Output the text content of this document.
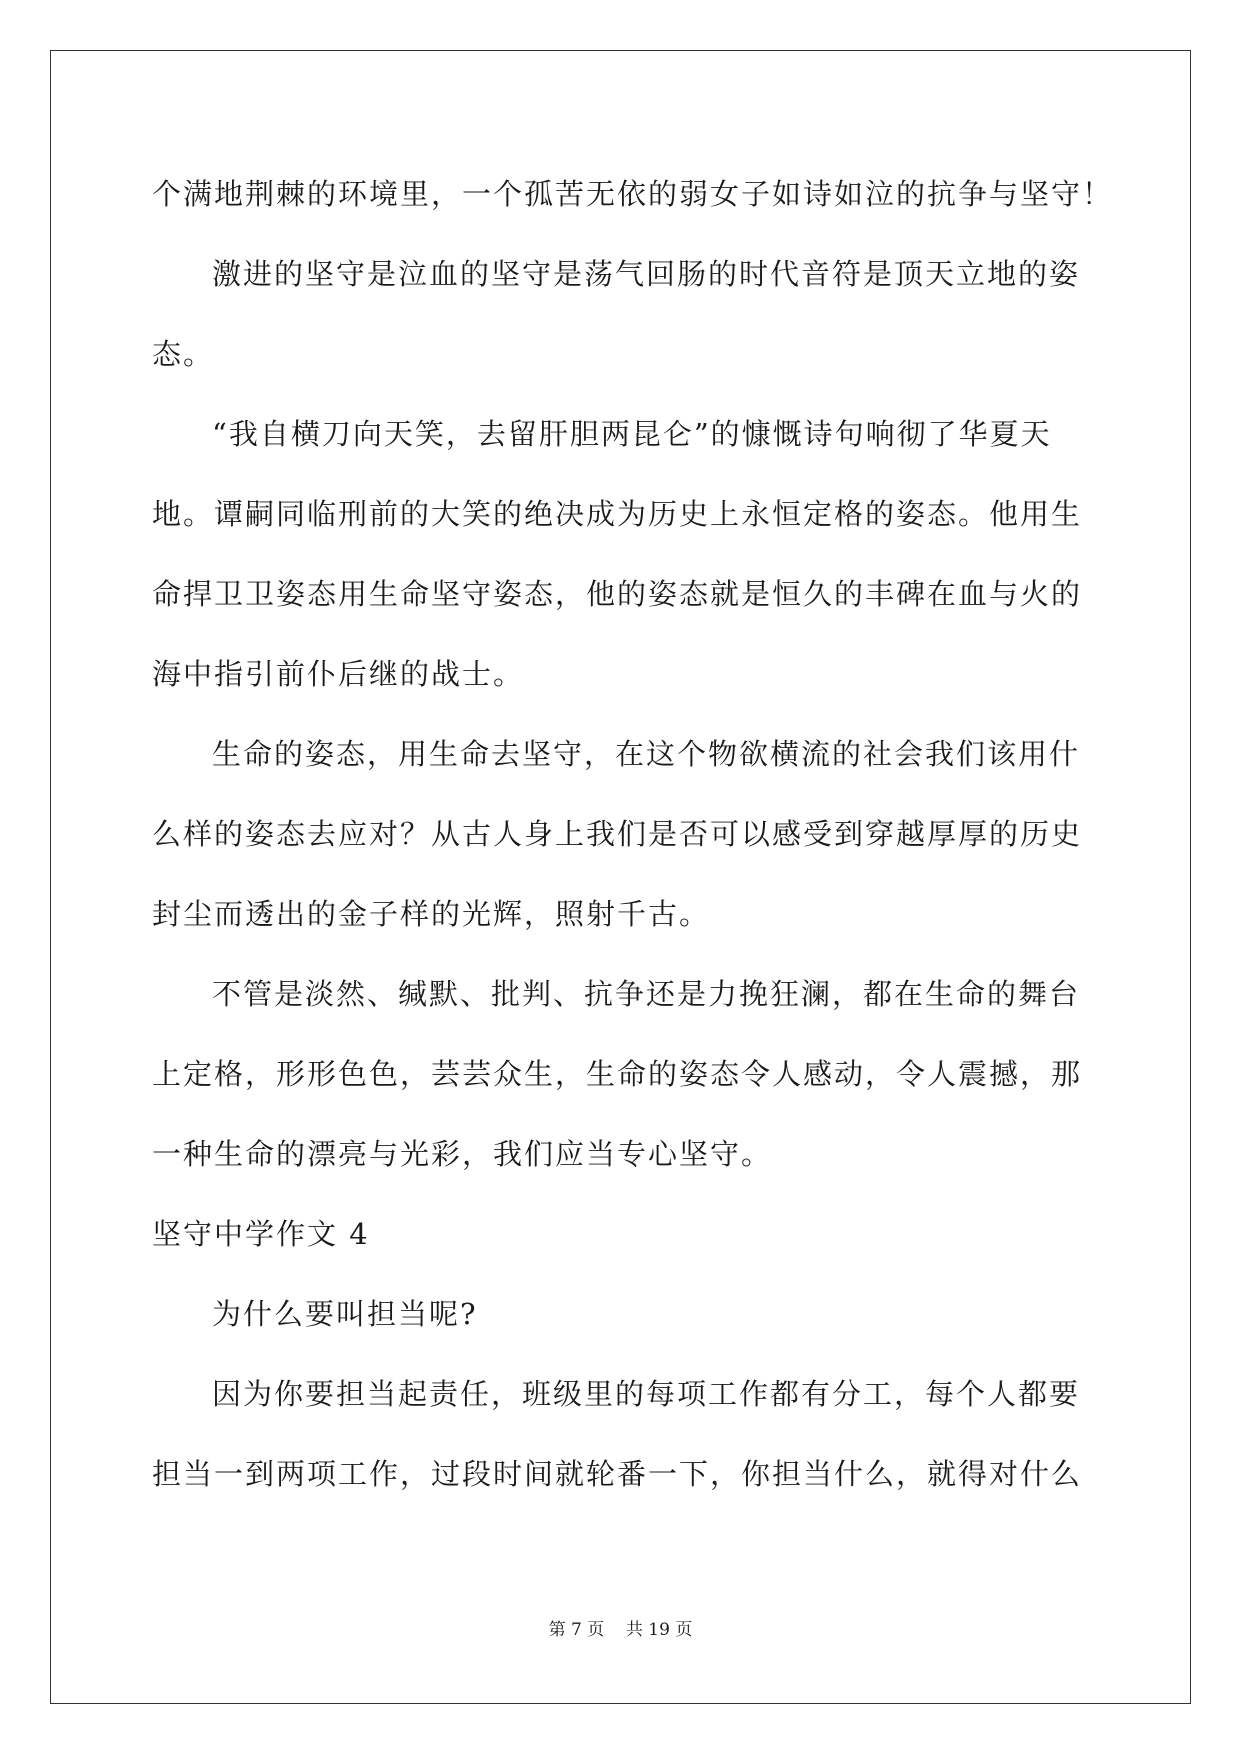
个满地荆棘的环境里，一个孤苦无依的弱女子如诗如泣的抗争与坚守！
激进的坚守是泣血的坚守是荡气回肠的时代音符是顶天立地的姿
态。
“我自横刀向天笑，去留肝胆两昆仑”的慷慨诗句响彻了华夏天
地。谭嗣同临刑前的大笑的绝决成为历史上永恒定格的姿态。他用生
命捍卫卫姿态用生命坚守姿态，他的姿态就是恒久的丰碑在血与火的
海中指引前仆后继的战士。
生命的姿态，用生命去坚守，在这个物欲横流的社会我们该用什
么样的姿态去应对？从古人身上我们是否可以感受到穿越厚厚的历史
封尘而透出的金子样的光辉，照射千古。
不管是淡然、缄默、批判、抗争还是力挽狂澜，都在生命的舞台
上定格，形形色色，芸芸众生，生命的姿态令人感动，令人震撼，那
一种生命的漂亮与光彩，我们应当专心坚守。
坚守中学作文 4
为什么要叫担当呢?
因为你要担当起责任，班级里的每项工作都有分工，每个人都要
担当一到两项工作，过段时间就轮番一下，你担当什么，就得对什么
第 7 页 共 19 页
